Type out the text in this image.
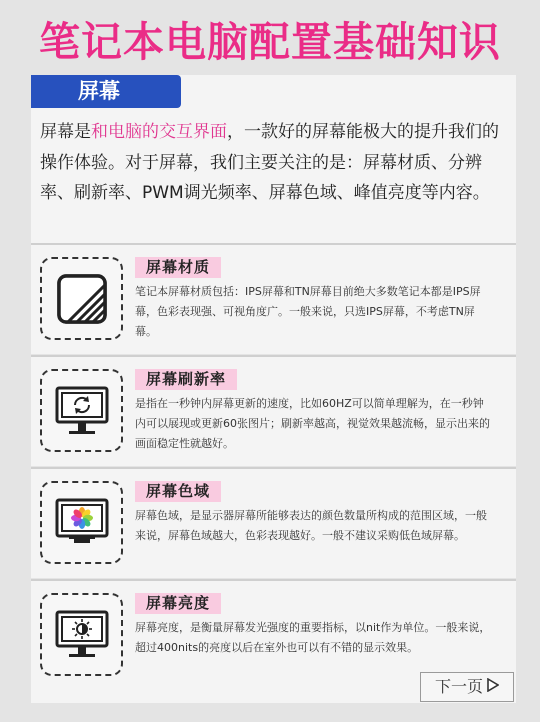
笔记本电脑配置基础知识
屏幕
屏幕是和电脑的交互界面，一款好的屏幕能极大的提升我们的操作体验。对于屏幕，我们主要关注的是：屏幕材质、分辨率、刷新率、PWM调光频率、屏幕色域、峰值亮度等内容。
屏幕材质
笔记本屏幕材质包括：IPS屏幕和TN屏幕目前绝大多数笔记本都是IPS屏幕，色彩表现强、可视角度广。一般来说，只选IPS屏幕，不考虑TN屏幕。
屏幕刷新率
是指在一秒钟内屏幕更新的速度，比如60HZ可以简单理解为，在一秒钟内可以展现或更新60张图片；刷新率越高，视觉效果越流畅，显示出来的画面稳定性就越好。
屏幕色域
屏幕色域，是显示器屏幕所能够表达的颜色数量所构成的范围区域，一般来说，屏幕色域越大，色彩表现越好。一般不建议采购低色域屏幕。
屏幕亮度
屏幕亮度，是衡量屏幕发光强度的重要指标，以nit作为单位。一般来说，超过400nits的亮度以后在室外也可以有不错的显示效果。
下一页
